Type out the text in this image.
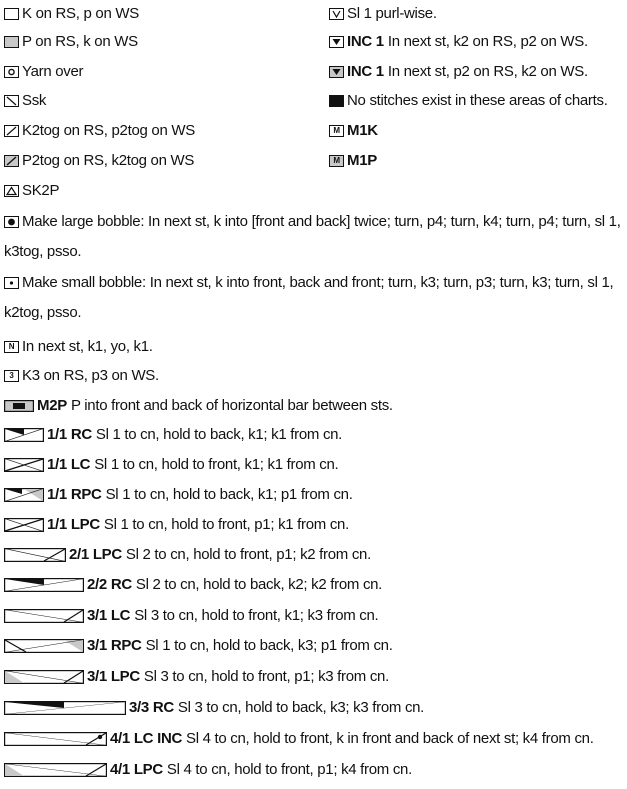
K on RS, p on WS
P on RS, k on WS
Yarn over
Ssk
K2tog on RS, p2tog on WS
P2tog on RS, k2tog on WS
SK2P
Sl 1 purl-wise.
INC 1 In next st, k2 on RS, p2 on WS.
INC 1 In next st, p2 on RS, k2 on WS.
No stitches exist in these areas of charts.
M M1K
M M1P
Make large bobble: In next st, k into [front and back] twice; turn, p4; turn, k4; turn, p4; turn, sl 1, k3tog, psso.
Make small bobble: In next st, k into front, back and front; turn, k3; turn, p3; turn, k3; turn, sl 1, k2tog, psso.
N In next st, k1, yo, k1.
3 K3 on RS, p3 on WS.
M2P P into front and back of horizontal bar between sts.
1/1 RC Sl 1 to cn, hold to back, k1; k1 from cn.
1/1 LC Sl 1 to cn, hold to front, k1; k1 from cn.
1/1 RPC Sl 1 to cn, hold to back, k1; p1 from cn.
1/1 LPC Sl 1 to cn, hold to front, p1; k1 from cn.
2/1 LPC Sl 2 to cn, hold to front, p1; k2 from cn.
2/2 RC Sl 2 to cn, hold to back, k2; k2 from cn.
3/1 LC Sl 3 to cn, hold to front, k1; k3 from cn.
3/1 RPC Sl 1 to cn, hold to back, k3; p1 from cn.
3/1 LPC Sl 3 to cn, hold to front, p1; k3 from cn.
3/3 RC Sl 3 to cn, hold to back, k3; k3 from cn.
4/1 LC INC Sl 4 to cn, hold to front, k in front and back of next st; k4 from cn.
4/1 LPC Sl 4 to cn, hold to front, p1; k4 from cn.
